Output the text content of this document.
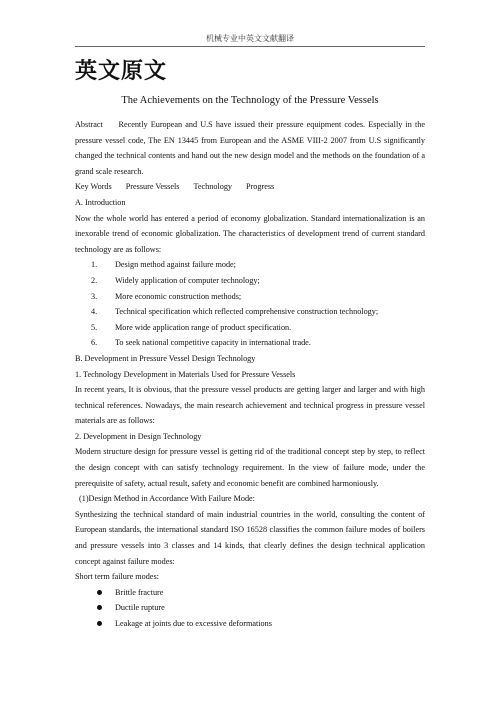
机械专业中英文文献翻译
英文原文
The Achievements on the Technology of the Pressure Vessels

Abstract     Recently European and U.S have issued their pressure equipment codes. Especially in the pressure vessel code, The EN 13445 from European and the ASME VIII-2 2007 from U.S significantly changed the technical contents and hand out the new design model and the methods on the foundation of a grand scale research.

Key Words Pressure Vessels Technology Progress

A. Introduction

Now the whole world has entered a period of economy globalization. Standard internationalization is an inexorable trend of economic globalization. The characteristics of development trend of current standard technology are as follows:

1. Design method against failure mode;
2. Widely application of computer technology;
3. More economic construction methods;
4. Technical specification which reflected comprehensive construction technology;
5. More wide application range of product specification.
6. To seek national competitive capacity in international trade.

B. Development in Pressure Vessel Design Technology

1. Technology Development in Materials Used for Pressure Vessels

In recent years, It is obvious, that the pressure vessel products are getting larger and larger and with high technical references. Nowadays, the main research achievement and technical progress in pressure vessel materials are as follows:

2. Development in Design Technology

Modern structure design for pressure vessel is getting rid of the traditional concept step by step, to reflect the design concept with can satisfy technology requirement. In the view of failure mode, under the prerequisite of safety, actual result, safety and economic benefit are combined harmoniously.

(1)Design Method in Accordance With Failure Mode:

Synthesizing the technical standard of main industrial countries in the world, consulting the content of European standards, the international standard ISO 16528 classifies the common failure modes of boilers and pressure vessels into 3 classes and 14 kinds, that clearly defines the design technical application concept against failure modes:

Short term failure modes:

Brittle fracture
Ductile rupture
Leakage at joints due to excessive deformations
